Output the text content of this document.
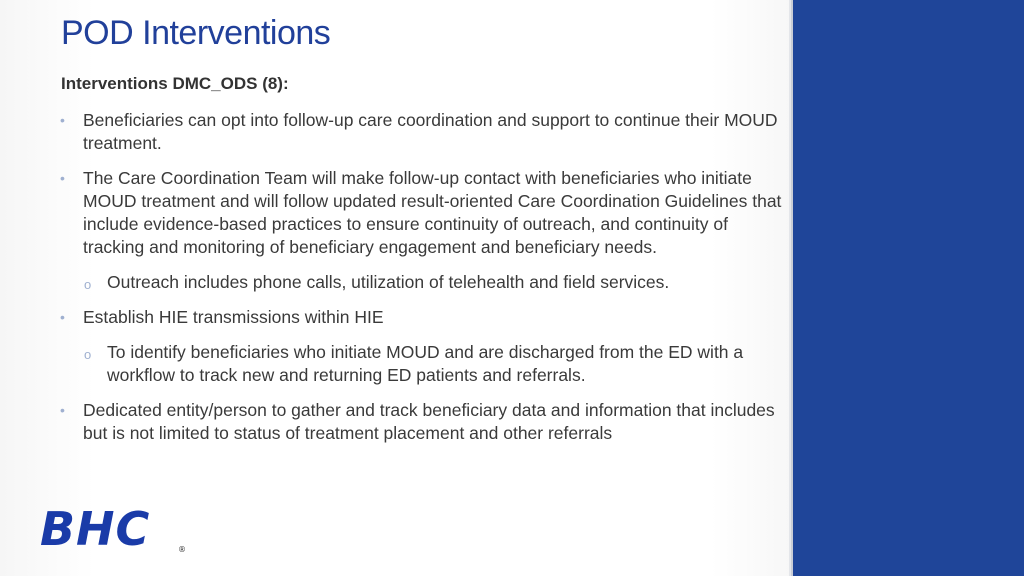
POD Interventions
Interventions DMC_ODS (8):
• Beneficiaries can opt into follow-up care coordination and support to continue their MOUD treatment.
• The Care Coordination Team will make follow-up contact with beneficiaries who initiate MOUD treatment and will follow updated result-oriented Care Coordination Guidelines that include evidence-based practices to ensure continuity of outreach, and continuity of tracking and monitoring of beneficiary engagement and beneficiary needs.
o Outreach includes phone calls, utilization of telehealth and field services.
• Establish HIE transmissions within HIE
o To identify beneficiaries who initiate MOUD and are discharged from the ED with a workflow to track new and returning ED patients and referrals.
• Dedicated entity/person to gather and track beneficiary data and information that includes but is not limited to status of treatment placement and other referrals
BHC	®
